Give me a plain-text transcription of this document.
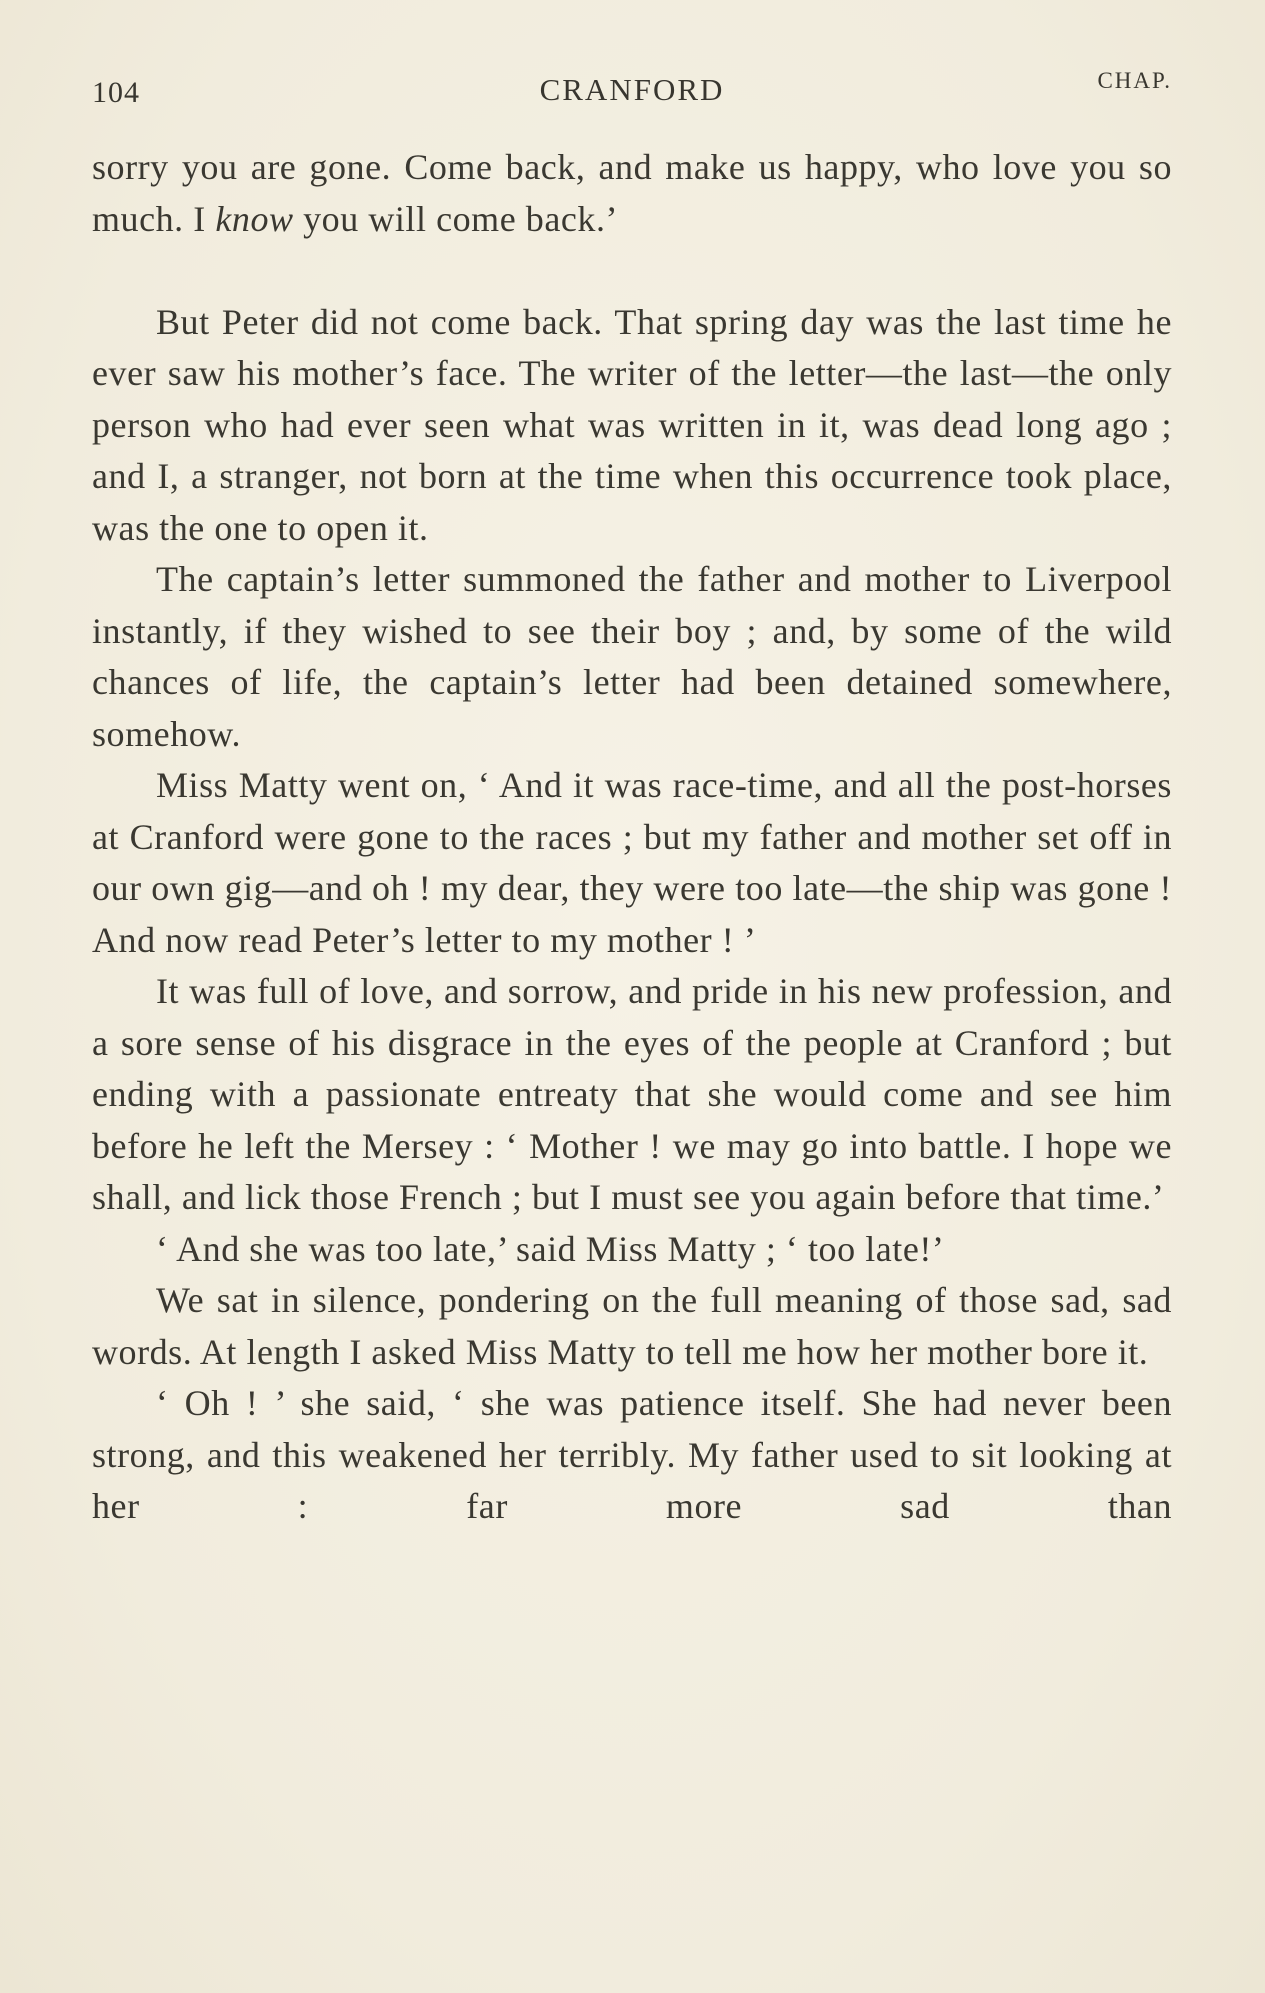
104	CRANFORD	CHAP.

sorry you are gone. Come back, and make us happy, who love you so much. I know you will come back.’

But Peter did not come back. That spring day was the last time he ever saw his mother’s face. The writer of the letter—the last—the only person who had ever seen what was written in it, was dead long ago ; and I, a stranger, not born at the time when this occurrence took place, was the one to open it.

The captain’s letter summoned the father and mother to Liverpool instantly, if they wished to see their boy ; and, by some of the wild chances of life, the captain’s letter had been detained somewhere, somehow.

Miss Matty went on, ‘ And it was race-time, and all the post-horses at Cranford were gone to the races ; but my father and mother set off in our own gig—and oh ! my dear, they were too late—the ship was gone ! And now read Peter’s letter to my mother ! ’

It was full of love, and sorrow, and pride in his new profession, and a sore sense of his disgrace in the eyes of the people at Cranford ; but ending with a passionate entreaty that she would come and see him before he left the Mersey : ‘ Mother ! we may go into battle. I hope we shall, and lick those French ; but I must see you again before that time.’

‘ And she was too late,’ said Miss Matty ; ‘ too late!’

We sat in silence, pondering on the full meaning of those sad, sad words. At length I asked Miss Matty to tell me how her mother bore it.

‘ Oh ! ’ she said, ‘ she was patience itself. She had never been strong, and this weakened her terribly. My father used to sit looking at her : far more sad than
